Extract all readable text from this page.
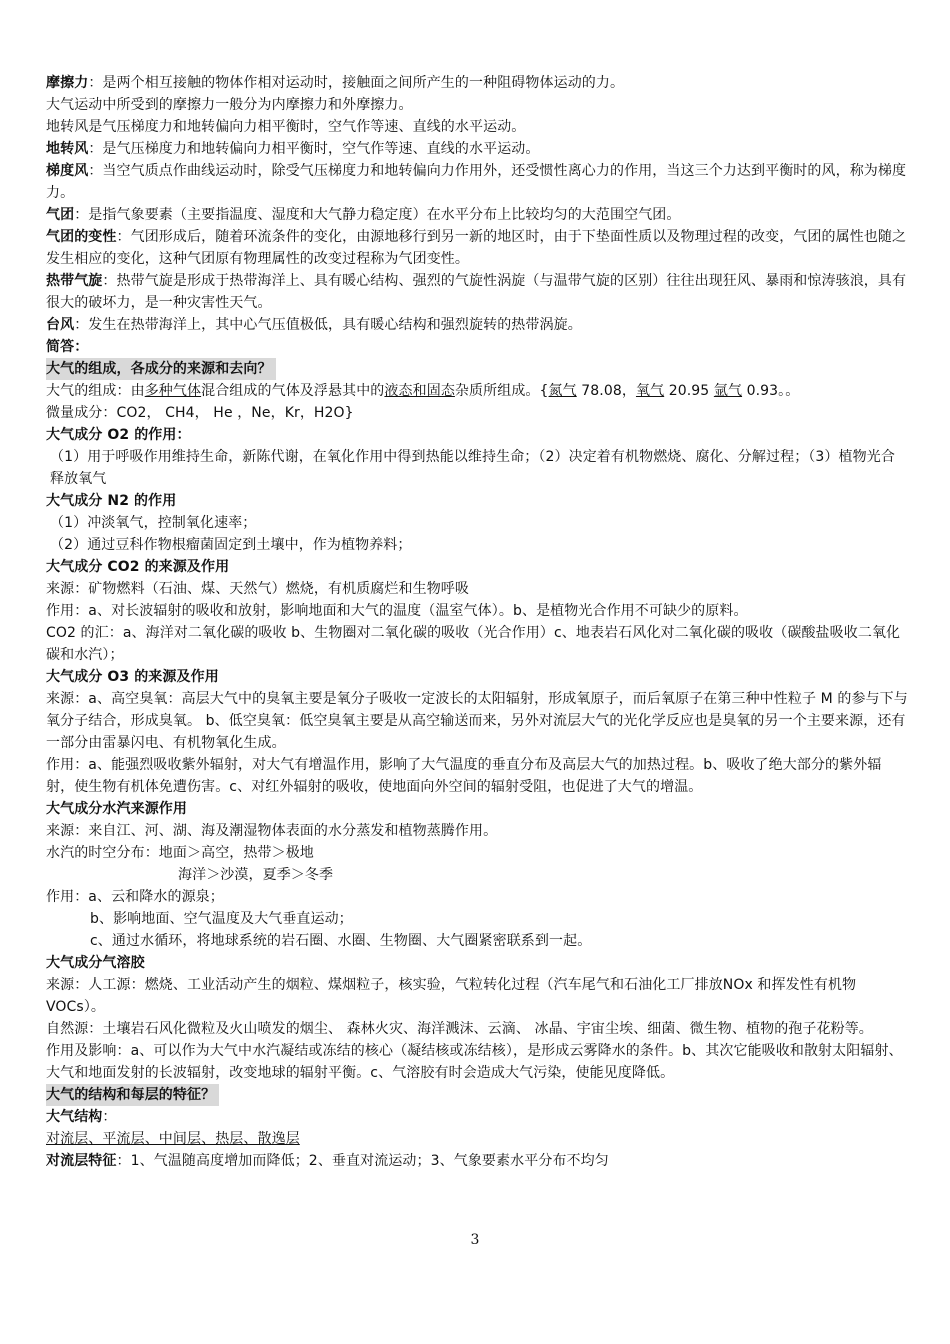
摩擦力：是两个相互接触的物体作相对运动时，接触面之间所产生的一种阻碍物体运动的力。

大气运动中所受到的摩擦力一般分为内摩擦力和外摩擦力。

地转风是气压梯度力和地转偏向力相平衡时，空气作等速、直线的水平运动。

地转风：是气压梯度力和地转偏向力相平衡时，空气作等速、直线的水平运动。

梯度风：当空气质点作曲线运动时，除受气压梯度力和地转偏向力作用外，还受惯性离心力的作用，当这三个力达到平衡时的风，称为梯度力。

气团：是指气象要素（主要指温度、湿度和大气静力稳定度）在水平分布上比较均匀的大范围空气团。

气团的变性：气团形成后，随着环流条件的变化，由源地移行到另一新的地区时，由于下垫面性质以及物理过程的改变，气团的属性也随之发生相应的变化，这种气团原有物理属性的改变过程称为气团变性。

热带气旋：热带气旋是形成于热带海洋上、具有暖心结构、强烈的气旋性涡旋（与温带气旋的区别）往往出现狂风、暴雨和惊涛骇浪，具有很大的破坏力，是一种灾害性天气。

台风：发生在热带海洋上，其中心气压值极低，具有暖心结构和强烈旋转的热带涡旋。

简答：

大气的组成，各成分的来源和去向？

大气的组成：由多种气体混合组成的气体及浮悬其中的液态和固态杂质所组成。{氮气 78.08，氧气 20.95 氩气 0.93。。

微量成分：CO2， CH4， He ，Ne，Kr，H2O}

大气成分 O2 的作用：

（1）用于呼吸作用维持生命，新陈代谢，在氧化作用中得到热能以维持生命；（2）决定着有机物燃烧、腐化、分解过程；（3）植物光合释放氧气

大气成分 N2 的作用

（1）冲淡氧气，控制氧化速率；

（2）通过豆科作物根瘤菌固定到土壤中，作为植物养料；

大气成分 CO2 的来源及作用

来源：矿物燃料（石油、煤、天然气）燃烧，有机质腐烂和生物呼吸

作用：a、对长波辐射的吸收和放射，影响地面和大气的温度（温室气体）。b、是植物光合作用不可缺少的原料。

CO2 的汇：a、海洋对二氧化碳的吸收 b、生物圈对二氧化碳的吸收（光合作用）c、地表岩石风化对二氧化碳的吸收（碳酸盐吸收二氧化碳和水汽）；

大气成分 O3 的来源及作用

来源：a、高空臭氧：高层大气中的臭氧主要是氧分子吸收一定波长的太阳辐射，形成氧原子，而后氧原子在第三种中性粒子 M 的参与下与氧分子结合，形成臭氧。 b、低空臭氧：低空臭氧主要是从高空输送而来，另外对流层大气的光化学反应也是臭氧的另一个主要来源，还有一部分由雷暴闪电、有机物氧化生成。

作用：a、能强烈吸收紫外辐射，对大气有增温作用，影响了大气温度的垂直分布及高层大气的加热过程。b、吸收了绝大部分的紫外辐射，使生物有机体免遭伤害。c、对红外辐射的吸收，使地面向外空间的辐射受阻，也促进了大气的增温。

大气成分水汽来源作用

来源：来自江、河、湖、海及潮湿物体表面的水分蒸发和植物蒸腾作用。

水汽的时空分布：地面＞高空，热带＞极地

海洋＞沙漠，夏季＞冬季

作用：a、云和降水的源泉；

b、影响地面、空气温度及大气垂直运动；

c、通过水循环，将地球系统的岩石圈、水圈、生物圈、大气圈紧密联系到一起。

大气成分气溶胶

来源：人工源：燃烧、工业活动产生的烟粒、煤烟粒子，核实验，气粒转化过程（汽车尾气和石油化工厂排放NOx 和挥发性有机物 VOCs）。

自然源：土壤岩石风化微粒及火山喷发的烟尘、 森林火灾、海洋溅沫、云滴、 冰晶、宇宙尘埃、细菌、微生物、植物的孢子花粉等。

作用及影响：a、可以作为大气中水汽凝结或冻结的核心（凝结核或冻结核），是形成云雾降水的条件。b、其次它能吸收和散射太阳辐射、大气和地面发射的长波辐射，改变地球的辐射平衡。c、气溶胶有时会造成大气污染，使能见度降低。

大气的结构和每层的特征？

大气结构：

对流层、平流层、中间层、热层、散逸层

对流层特征：1、气温随高度增加而降低；2、垂直对流运动；3、气象要素水平分布不均匀

3
